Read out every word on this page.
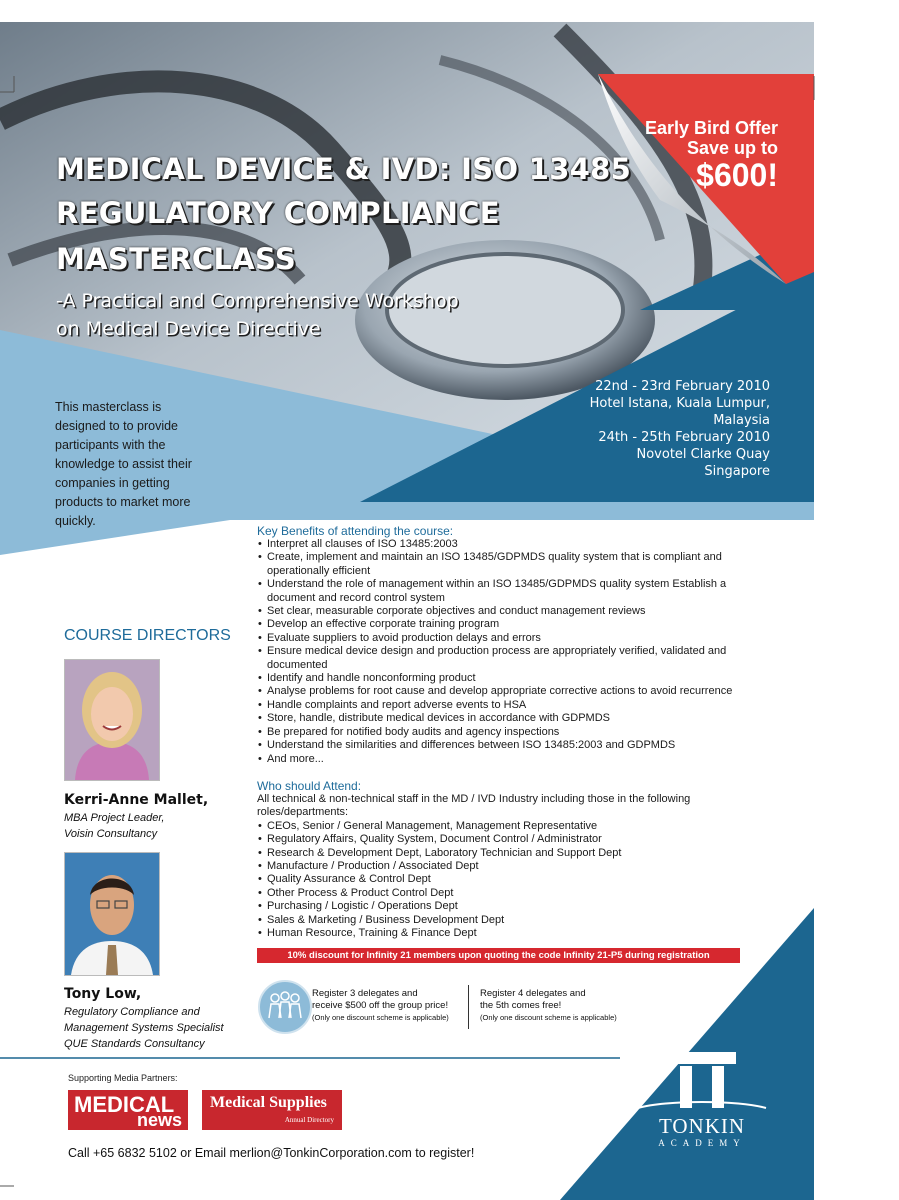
MEDICAL DEVICE & IVD: ISO 13485
REGULATORY COMPLIANCE
MASTERCLASS
-A Practical and Comprehensive Workshop
on Medical Device Directive
Early Bird Offer
Save up to
$600!
22nd - 23rd February 2010
Hotel Istana, Kuala Lumpur,
Malaysia
24th - 25th February 2010
Novotel Clarke Quay
Singapore
This masterclass is
designed to to provide
participants with the
knowledge to assist their
companies in getting
products to market more
quickly.
Key Benefits of attending the course:
• Interpret all clauses of ISO 13485:2003
• Create, implement and maintain an ISO 13485/GDPMDS quality system that is compliant and operationally efficient
• Understand the role of management within an ISO 13485/GDPMDS quality system Establish a document and record control system
• Set clear, measurable corporate objectives and conduct management reviews
• Develop an effective corporate training program
• Evaluate suppliers to avoid production delays and errors
• Ensure medical device design and production process are appropriately verified, validated and documented
• Identify and handle nonconforming product
• Analyse problems for root cause and develop appropriate corrective actions to avoid recurrence
• Handle complaints and report adverse events to HSA
• Store, handle, distribute medical devices in accordance with GDPMDS
• Be prepared for notified body audits and agency inspections
• Understand the similarities and differences between ISO 13485:2003 and GDPMDS
• And more...
Who should Attend:
All technical & non-technical staff in the MD / IVD Industry including those in the following roles/departments:
• CEOs, Senior / General Management, Management Representative
• Regulatory Affairs, Quality System, Document Control / Administrator
• Research & Development Dept, Laboratory Technician and Support Dept
• Manufacture / Production / Associated Dept
• Quality Assurance & Control Dept
• Other Process & Product Control Dept
• Purchasing / Logistic / Operations Dept
• Sales & Marketing / Business Development Dept
• Human Resource, Training & Finance Dept
10% discount for Infinity 21 members upon quoting the code Infinity 21-P5 during registration
Register 3 delegates and
receive $500 off the group price!
(Only one discount scheme is applicable)
Register 4 delegates and
the 5th comes free!
(Only one discount scheme is applicable)
COURSE DIRECTORS
Kerri-Anne Mallet,
MBA Project Leader,
Voisin Consultancy
Tony Low,
Regulatory Compliance and
Management Systems Specialist
QUE Standards Consultancy
Supporting Media Partners:
MEDICAL
news
Medical Supplies
Annual Directory
Call +65 6832 5102 or Email merlion@TonkinCorporation.com to register!
TONKIN
ACADEMY
